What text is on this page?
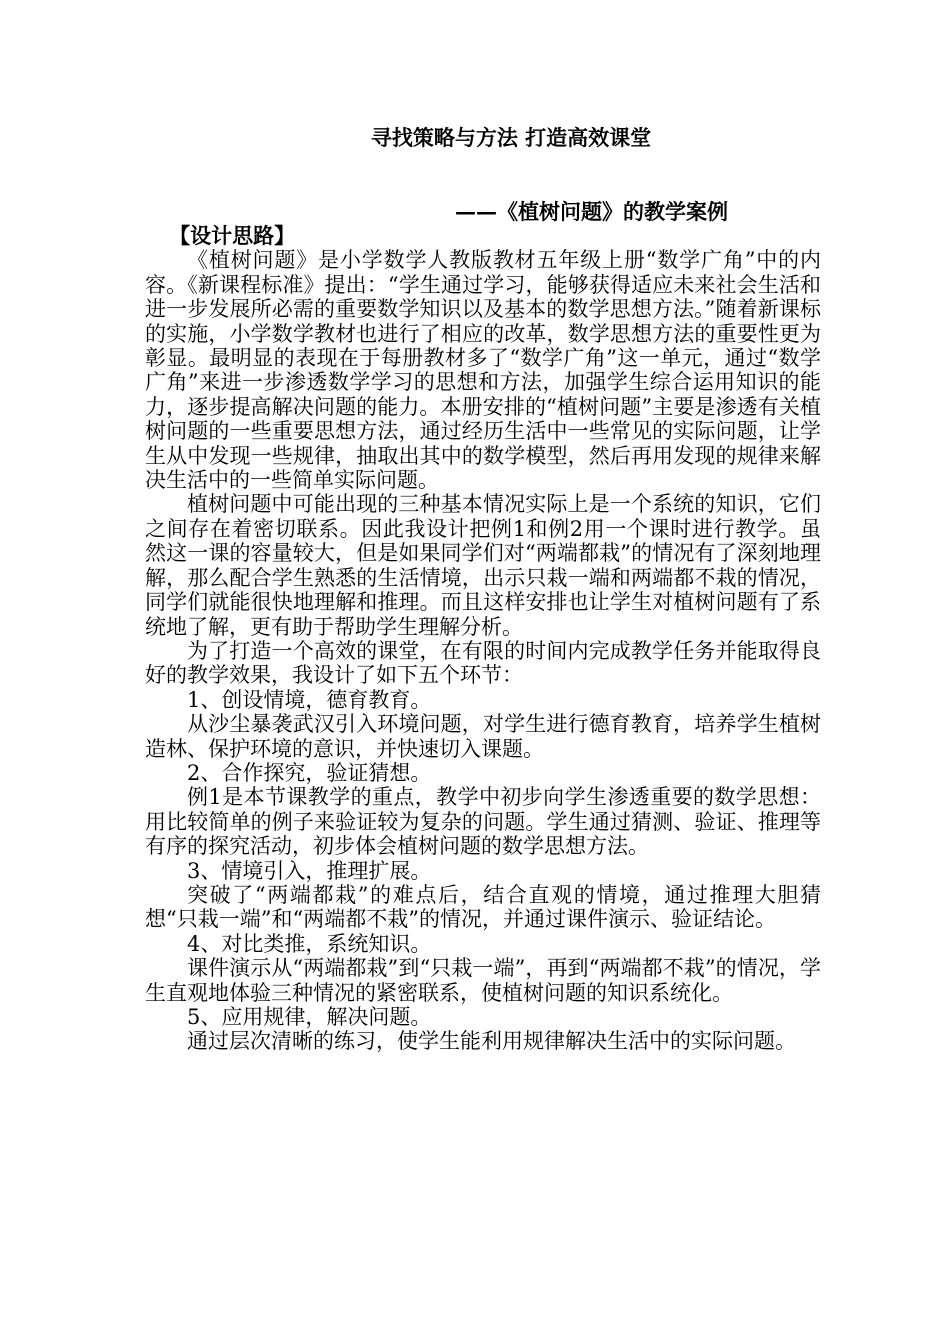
寻找策略与方法 打造高效课堂
——《植树问题》的教学案例

【设计思路】

《植树问题》是小学数学人教版教材五年级上册“数学广角”中的内容。《新课程标准》提出：“学生通过学习，能够获得适应未来社会生活和进一步发展所必需的重要数学知识以及基本的数学思想方法。”随着新课标的实施，小学数学教材也进行了相应的改革，数学思想方法的重要性更为彰显。最明显的表现在于每册教材多了“数学广角”这一单元，通过“数学广角”来进一步渗透数学学习的思想和方法，加强学生综合运用知识的能力，逐步提高解决问题的能力。本册安排的“植树问题”主要是渗透有关植树问题的一些重要思想方法，通过经历生活中一些常见的实际问题，让学生从中发现一些规律，抽取出其中的数学模型，然后再用发现的规律来解决生活中的一些简单实际问题。

植树问题中可能出现的三种基本情况实际上是一个系统的知识，它们之间存在着密切联系。因此我设计把例1和例2用一个课时进行教学。虽然这一课的容量较大，但是如果同学们对“两端都栽”的情况有了深刻地理解，那么配合学生熟悉的生活情境，出示只栽一端和两端都不栽的情况，同学们就能很快地理解和推理。而且这样安排也让学生对植树问题有了系统地了解，更有助于帮助学生理解分析。

为了打造一个高效的课堂，在有限的时间内完成教学任务并能取得良好的教学效果，我设计了如下五个环节：

1、创设情境，德育教育。

从沙尘暴袭武汉引入环境问题，对学生进行德育教育，培养学生植树造林、保护环境的意识，并快速切入课题。

2、合作探究，验证猜想。

例1是本节课教学的重点，教学中初步向学生渗透重要的数学思想：用比较简单的例子来验证较为复杂的问题。学生通过猜测、验证、推理等有序的探究活动，初步体会植树问题的数学思想方法。

3、情境引入，推理扩展。

突破了“两端都栽”的难点后，结合直观的情境，通过推理大胆猜想“只栽一端”和“两端都不栽”的情况，并通过课件演示、验证结论。

4、对比类推，系统知识。

课件演示从“两端都栽”到“只栽一端”，再到“两端都不栽”的情况，学生直观地体验三种情况的紧密联系，使植树问题的知识系统化。

5、应用规律，解决问题。

通过层次清晰的练习，使学生能利用规律解决生活中的实际问题。
